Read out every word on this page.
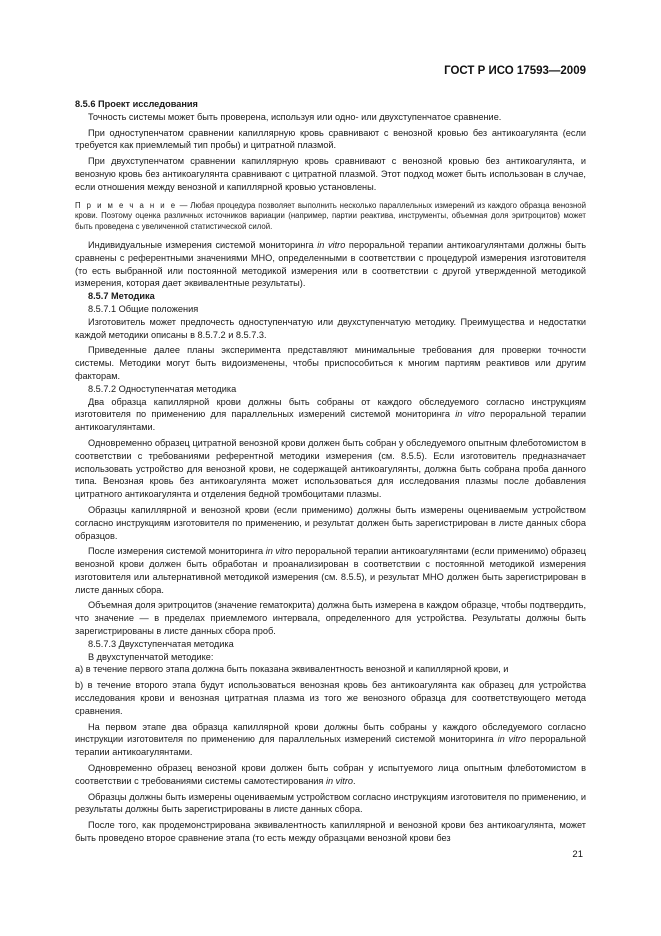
ГОСТ Р ИСО 17593—2009

8.5.6 Проект исследования

Точность системы может быть проверена, используя или одно- или двухступенчатое сравнение.

При одноступенчатом сравнении капиллярную кровь сравнивают с венозной кровью без антикоагулянта (если требуется как приемлемый тип пробы) и цитратной плазмой.

При двухступенчатом сравнении капиллярную кровь сравнивают с венозной кровью без антикоагулянта, и венозную кровь без антикоагулянта сравнивают с цитратной плазмой. Этот подход может быть использован в случае, если отношения между венозной и капиллярной кровью установлены.

П р и м е ч а н и е — Любая процедура позволяет выполнить несколько параллельных измерений из каждого образца венозной крови. Поэтому оценка различных источников вариации (например, партии реактива, инструменты, объемная доля эритроцитов) может быть проведена с увеличенной статистической силой.

Индивидуальные измерения системой мониторинга in vitro пероральной терапии антикоагулянтами должны быть сравнены с референтными значениями МНО, определенными в соответствии с процедурой измерения изготовителя (то есть выбранной или постоянной методикой измерения или в соответствии с другой утвержденной методикой измерения, которая дает эквивалентные результаты).

8.5.7 Методика

8.5.7.1 Общие положения

Изготовитель может предпочесть одноступенчатую или двухступенчатую методику. Преимущества и недостатки каждой методики описаны в 8.5.7.2 и 8.5.7.3.

Приведенные далее планы эксперимента представляют минимальные требования для проверки точности системы. Методики могут быть видоизменены, чтобы приспособиться к многим партиям реактивов или другим факторам.

8.5.7.2 Одноступенчатая методика

Два образца капиллярной крови должны быть собраны от каждого обследуемого согласно инструкциям изготовителя по применению для параллельных измерений системой мониторинга in vitro пероральной терапии антикоагулянтами.

Одновременно образец цитратной венозной крови должен быть собран у обследуемого опытным флеботомистом в соответствии с требованиями референтной методики измерения (см. 8.5.5). Если изготовитель предназначает использовать устройство для венозной крови, не содержащей антикоагулянты, должна быть собрана проба данного типа. Венозная кровь без антикоагулянта может использоваться для исследования плазмы после добавления цитратного антикоагулянта и отделения бедной тромбоцитами плазмы.

Образцы капиллярной и венозной крови (если применимо) должны быть измерены оцениваемым устройством согласно инструкциям изготовителя по применению, и результат должен быть зарегистрирован в листе данных сбора образцов.

После измерения системой мониторинга in vitro пероральной терапии антикоагулянтами (если применимо) образец венозной крови должен быть обработан и проанализирован в соответствии с постоянной методикой измерения изготовителя или альтернативной методикой измерения (см. 8.5.5), и результат МНО должен быть зарегистрирован в листе данных сбора.

Объемная доля эритроцитов (значение гематокрита) должна быть измерена в каждом образце, чтобы подтвердить, что значение — в пределах приемлемого интервала, определенного для устройства. Результаты должны быть зарегистрированы в листе данных сбора проб.

8.5.7.3 Двухступенчатая методика

В двухступенчатой методике:

a) в течение первого этапа должна быть показана эквивалентность венозной и капиллярной крови, и

b) в течение второго этапа будут использоваться венозная кровь без антикоагулянта как образец для устройства исследования крови и венозная цитратная плазма из того же венозного образца для соответствующего метода сравнения.

На первом этапе два образца капиллярной крови должны быть собраны у каждого обследуемого согласно инструкции изготовителя по применению для параллельных измерений системой мониторинга in vitro пероральной терапии антикоагулянтами.

Одновременно образец венозной крови должен быть собран у испытуемого лица опытным флеботомистом в соответствии с требованиями системы самотестирования in vitro.

Образцы должны быть измерены оцениваемым устройством согласно инструкциям изготовителя по применению, и результаты должны быть зарегистрированы в листе данных сбора.

После того, как продемонстрирована эквивалентность капиллярной и венозной крови без антикоагулянта, может быть проведено второе сравнение этапа (то есть между образцами венозной крови без

21
